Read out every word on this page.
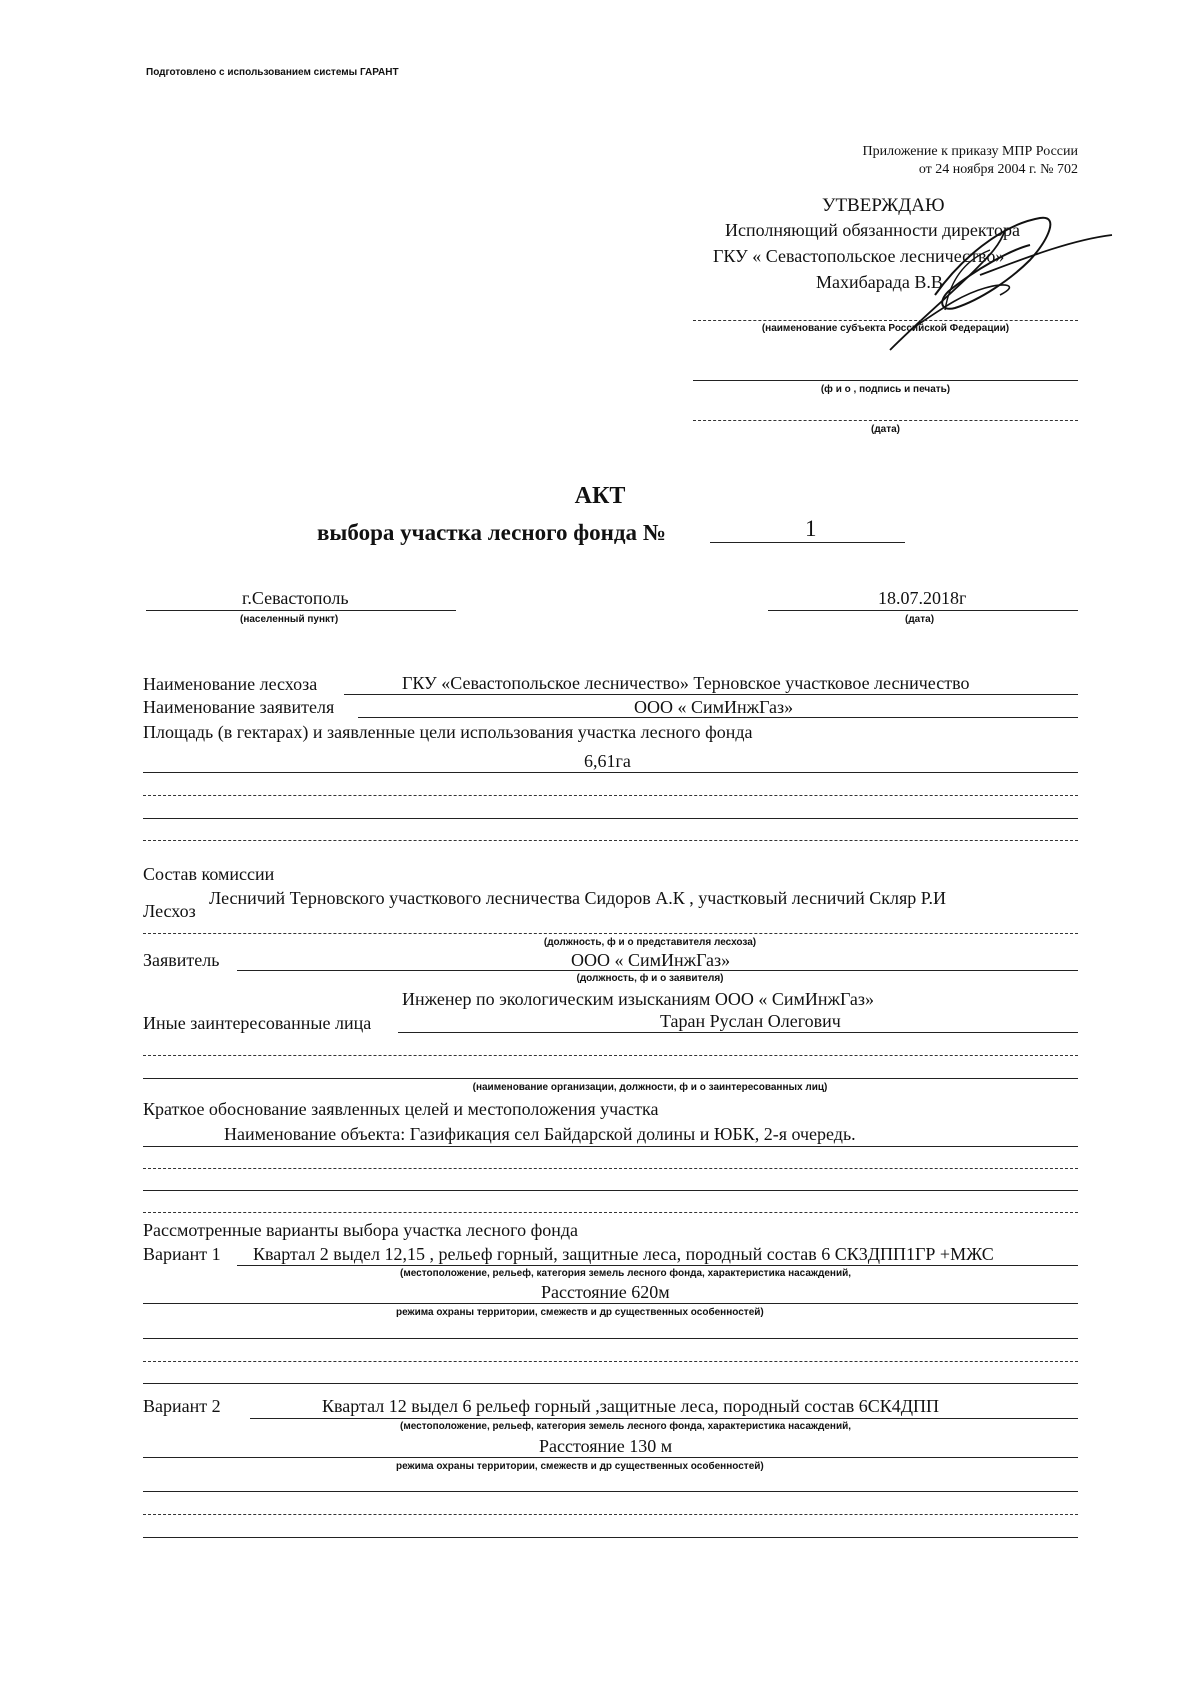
Подготовлено с использованием системы ГАРАНТ
Приложение к приказу МПР России
от 24 ноября 2004 г. № 702
УТВЕРЖДАЮ
Исполняющий обязанности директора
ГКУ « Севастопольское лесничество»
Махибарада В.В
(наименование субъекта Российской Федерации)
(ф и о , подпись и печать)
(дата)
АКТ
выбора участка лесного фонда №	1
г.Севастополь
(населенный пункт)
18.07.2018г
(дата)
Наименование лесхоза	ГКУ «Севастопольское лесничество» Терновское участковое лесничество
Наименование заявителя	ООО « СимИнжГаз»
Площадь (в гектарах) и заявленные цели использования участка лесного фонда
6,61га
Состав комиссии
Лесхоз
Лесничий Терновского участкового лесничества Сидоров А.К , участковый лесничий Скляр Р.И
(должность, ф и о представителя лесхоза)
Заявитель	ООО « СимИнжГаз»
(должность, ф и о заявителя)
Инженер по экологическим изысканиям ООО « СимИнжГаз»
Иные заинтересованные лица	Таран Руслан Олегович
(наименование организации, должности, ф и о заинтересованных лиц)
Краткое обоснование заявленных целей и местоположения участка
Наименование объекта: Газификация сел Байдарской долины и ЮБК, 2-я очередь.
Рассмотренные варианты выбора участка лесного фонда
Вариант 1 Квартал 2 выдел 12,15 , рельеф горный, защитные леса, породный состав 6 СК3ДПП1ГР +МЖС
(местоположение, рельеф, категория земель лесного фонда, характеристика насаждений,
Расстояние 620м
режима охраны территории, смежеств и др существенных особенностей)
Вариант 2	Квартал 12 выдел 6 рельеф горный ,защитные леса, породный состав 6СК4ДПП
(местоположение, рельеф, категория земель лесного фонда, характеристика насаждений,
Расстояние 130 м
режима охраны территории, смежеств и др существенных особенностей)
